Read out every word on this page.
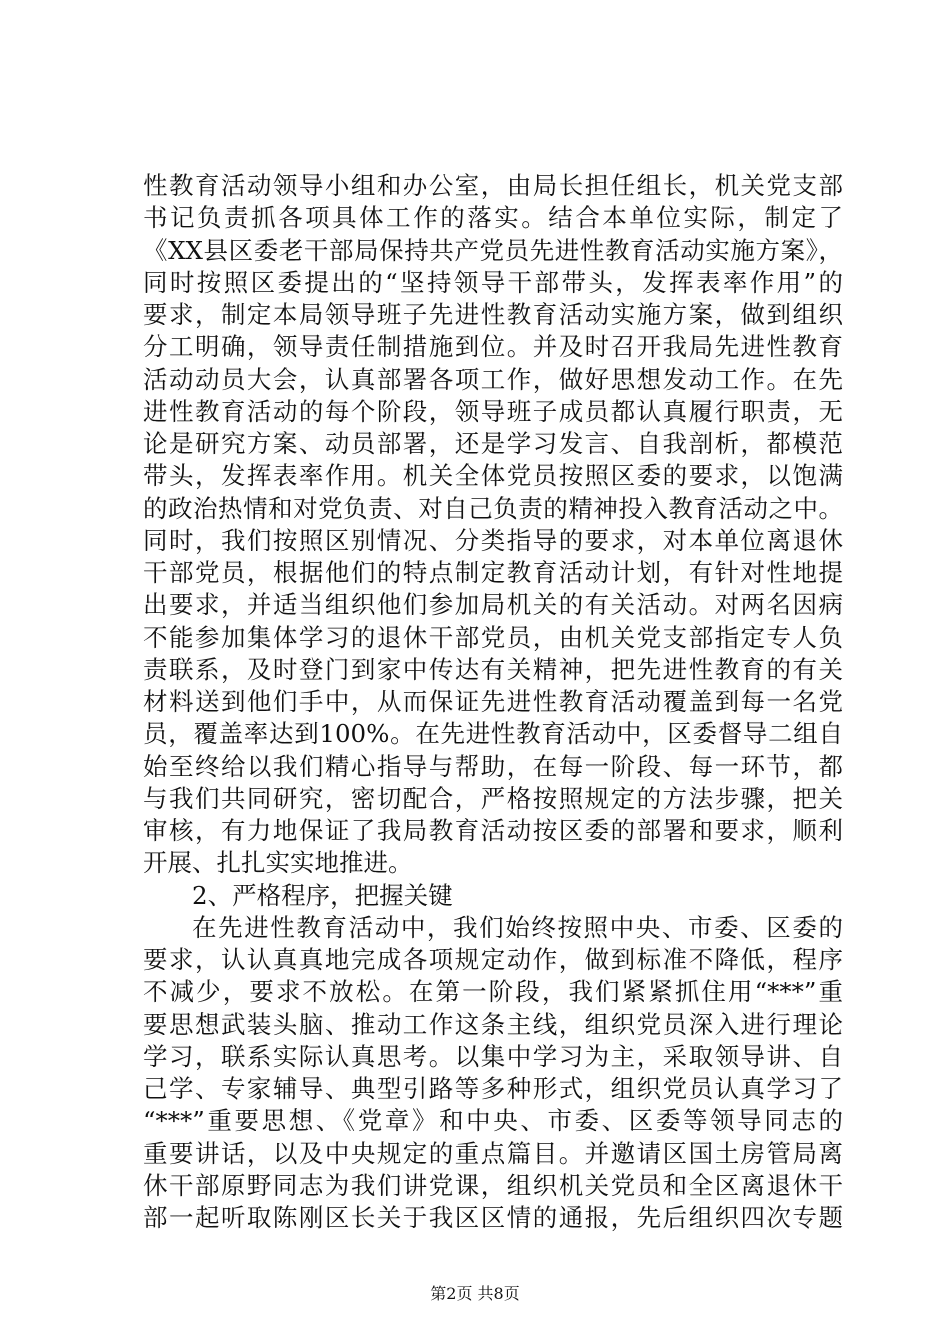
性教育活动领导小组和办公室，由局长担任组长，机关党支部
书记负责抓各项具体工作的落实。结合本单位实际，制定了
《XX县区委老干部局保持共产党员先进性教育活动实施方案》，
同时按照区委提出的“坚持领导干部带头，发挥表率作用”的
要求，制定本局领导班子先进性教育活动实施方案，做到组织
分工明确，领导责任制措施到位。并及时召开我局先进性教育
活动动员大会，认真部署各项工作，做好思想发动工作。在先
进性教育活动的每个阶段，领导班子成员都认真履行职责，无
论是研究方案、动员部署，还是学习发言、自我剖析，都模范
带头，发挥表率作用。机关全体党员按照区委的要求，以饱满
的政治热情和对党负责、对自己负责的精神投入教育活动之中。
同时，我们按照区别情况、分类指导的要求，对本单位离退休
干部党员，根据他们的特点制定教育活动计划，有针对性地提
出要求，并适当组织他们参加局机关的有关活动。对两名因病
不能参加集体学习的退休干部党员，由机关党支部指定专人负
责联系，及时登门到家中传达有关精神，把先进性教育的有关
材料送到他们手中，从而保证先进性教育活动覆盖到每一名党
员，覆盖率达到100%。在先进性教育活动中，区委督导二组自
始至终给以我们精心指导与帮助，在每一阶段、每一环节，都
与我们共同研究，密切配合，严格按照规定的方法步骤，把关
审核，有力地保证了我局教育活动按区委的部署和要求，顺利
开展、扎扎实实地推进。
2、严格程序，把握关键
在先进性教育活动中，我们始终按照中央、市委、区委的
要求，认认真真地完成各项规定动作，做到标准不降低，程序
不减少，要求不放松。在第一阶段，我们紧紧抓住用“***”重
要思想武装头脑、推动工作这条主线，组织党员深入进行理论
学习，联系实际认真思考。以集中学习为主，采取领导讲、自
己学、专家辅导、典型引路等多种形式，组织党员认真学习了
“***”重要思想、《党章》和中央、市委、区委等领导同志的
重要讲话，以及中央规定的重点篇目。并邀请区国土房管局离
休干部原野同志为我们讲党课，组织机关党员和全区离退休干
部一起听取陈刚区长关于我区区情的通报，先后组织四次专题
第2页 共8页
